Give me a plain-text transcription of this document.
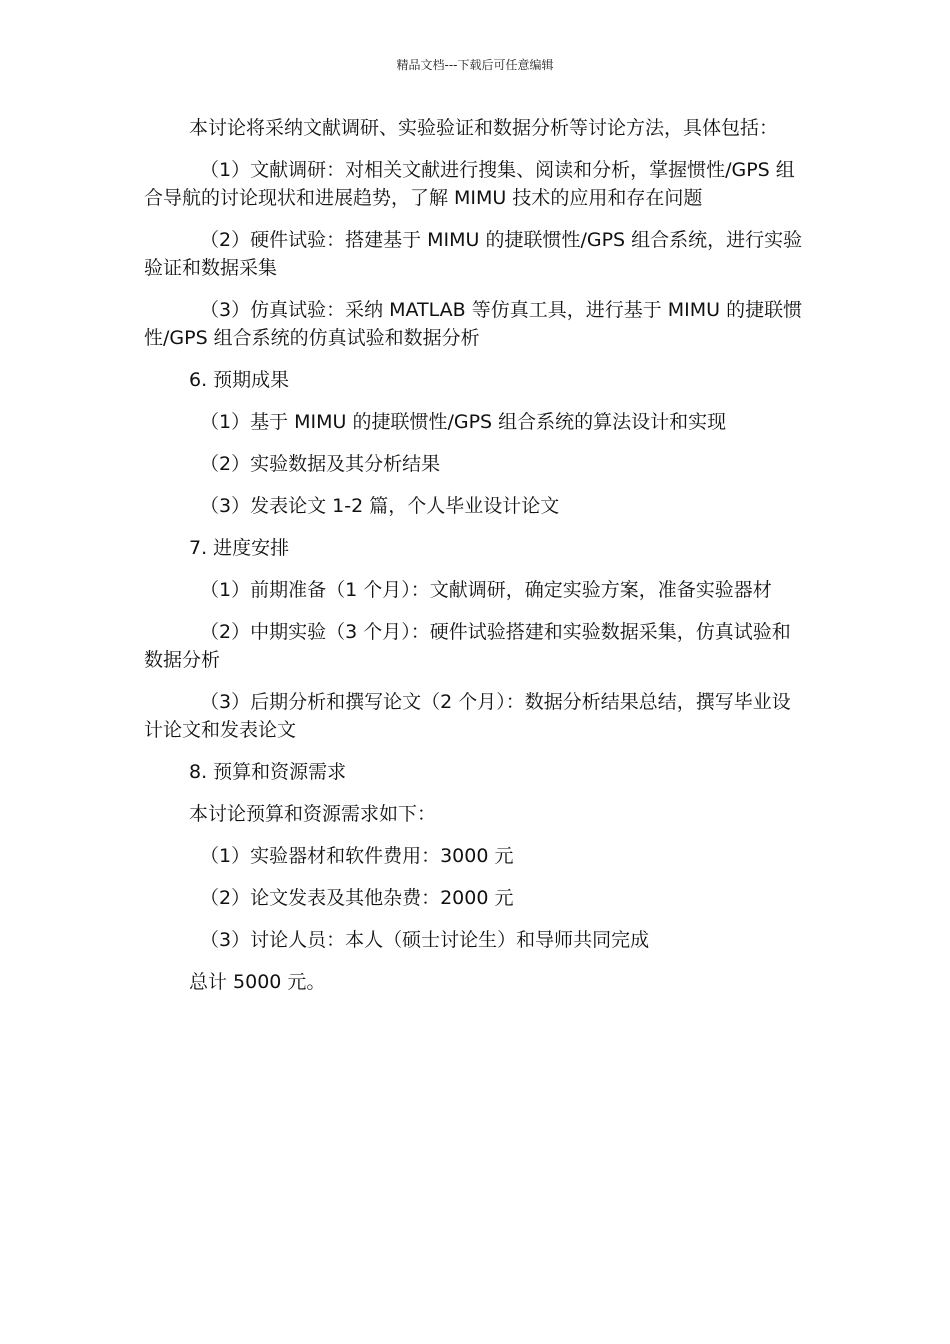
精品文档---下载后可任意编辑

本讨论将采纳文献调研、实验验证和数据分析等讨论方法，具体包括：

（1）文献调研：对相关文献进行搜集、阅读和分析，掌握惯性/GPS 组合导航的讨论现状和进展趋势，了解 MIMU 技术的应用和存在问题

（2）硬件试验：搭建基于 MIMU 的捷联惯性/GPS 组合系统，进行实验验证和数据采集

（3）仿真试验：采纳 MATLAB 等仿真工具，进行基于 MIMU 的捷联惯性/GPS 组合系统的仿真试验和数据分析

6. 预期成果

（1）基于 MIMU 的捷联惯性/GPS 组合系统的算法设计和实现

（2）实验数据及其分析结果

（3）发表论文 1-2 篇，个人毕业设计论文

7. 进度安排

（1）前期准备（1 个月）：文献调研，确定实验方案，准备实验器材

（2）中期实验（3 个月）：硬件试验搭建和实验数据采集，仿真试验和数据分析

（3）后期分析和撰写论文（2 个月）：数据分析结果总结，撰写毕业设计论文和发表论文

8. 预算和资源需求

本讨论预算和资源需求如下：

（1）实验器材和软件费用：3000 元

（2）论文发表及其他杂费：2000 元

（3）讨论人员：本人（硕士讨论生）和导师共同完成

总计 5000 元。
